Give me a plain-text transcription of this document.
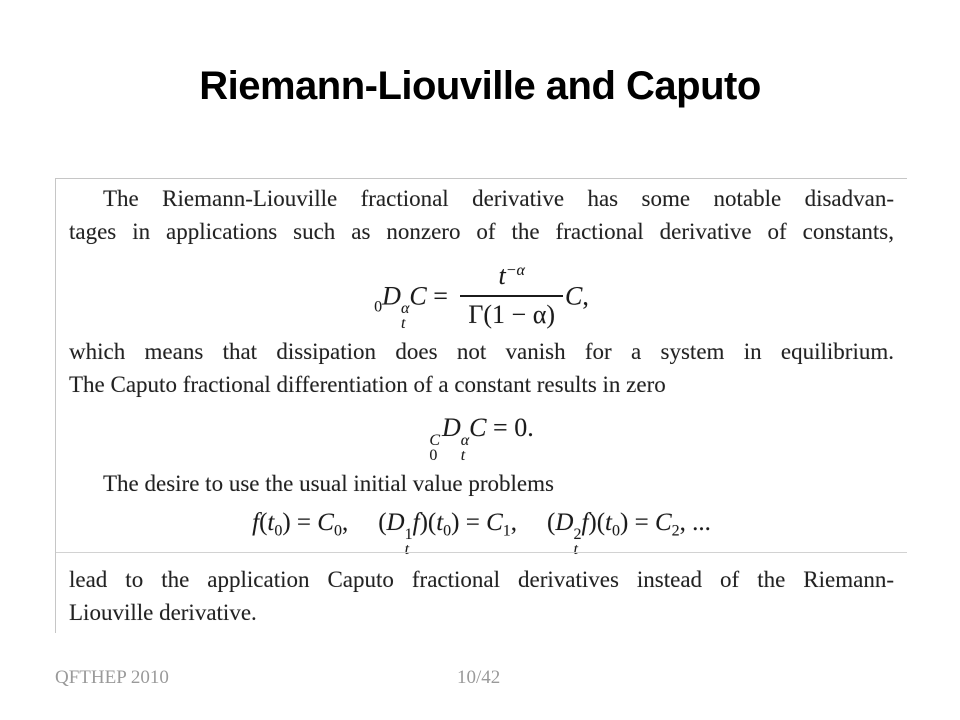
Riemann-Liouville and Caputo
The Riemann-Liouville fractional derivative has some notable disadvan-
tages in applications such as nonzero of the fractional derivative of constants,
$_0$D α
t
$C = \frac{t^{-\alpha}}{\Gamma(1 - \alpha)} C$,
which means that dissipation does not vanish for a system in equilibrium.
The Caputo fractional differentiation of a constant results in zero
C
0
D α
t
C = 0.
The desire to use the usual initial value problems
$f(t_0) = C_0$, (D 1
t
$f)(t_0) = C_1$, (D 2
t
$f)(t_0) = C_2$, ...
lead to the application Caputo fractional derivatives instead of the Riemann-
Liouville derivative.
QFTHEP 2010	10/42
